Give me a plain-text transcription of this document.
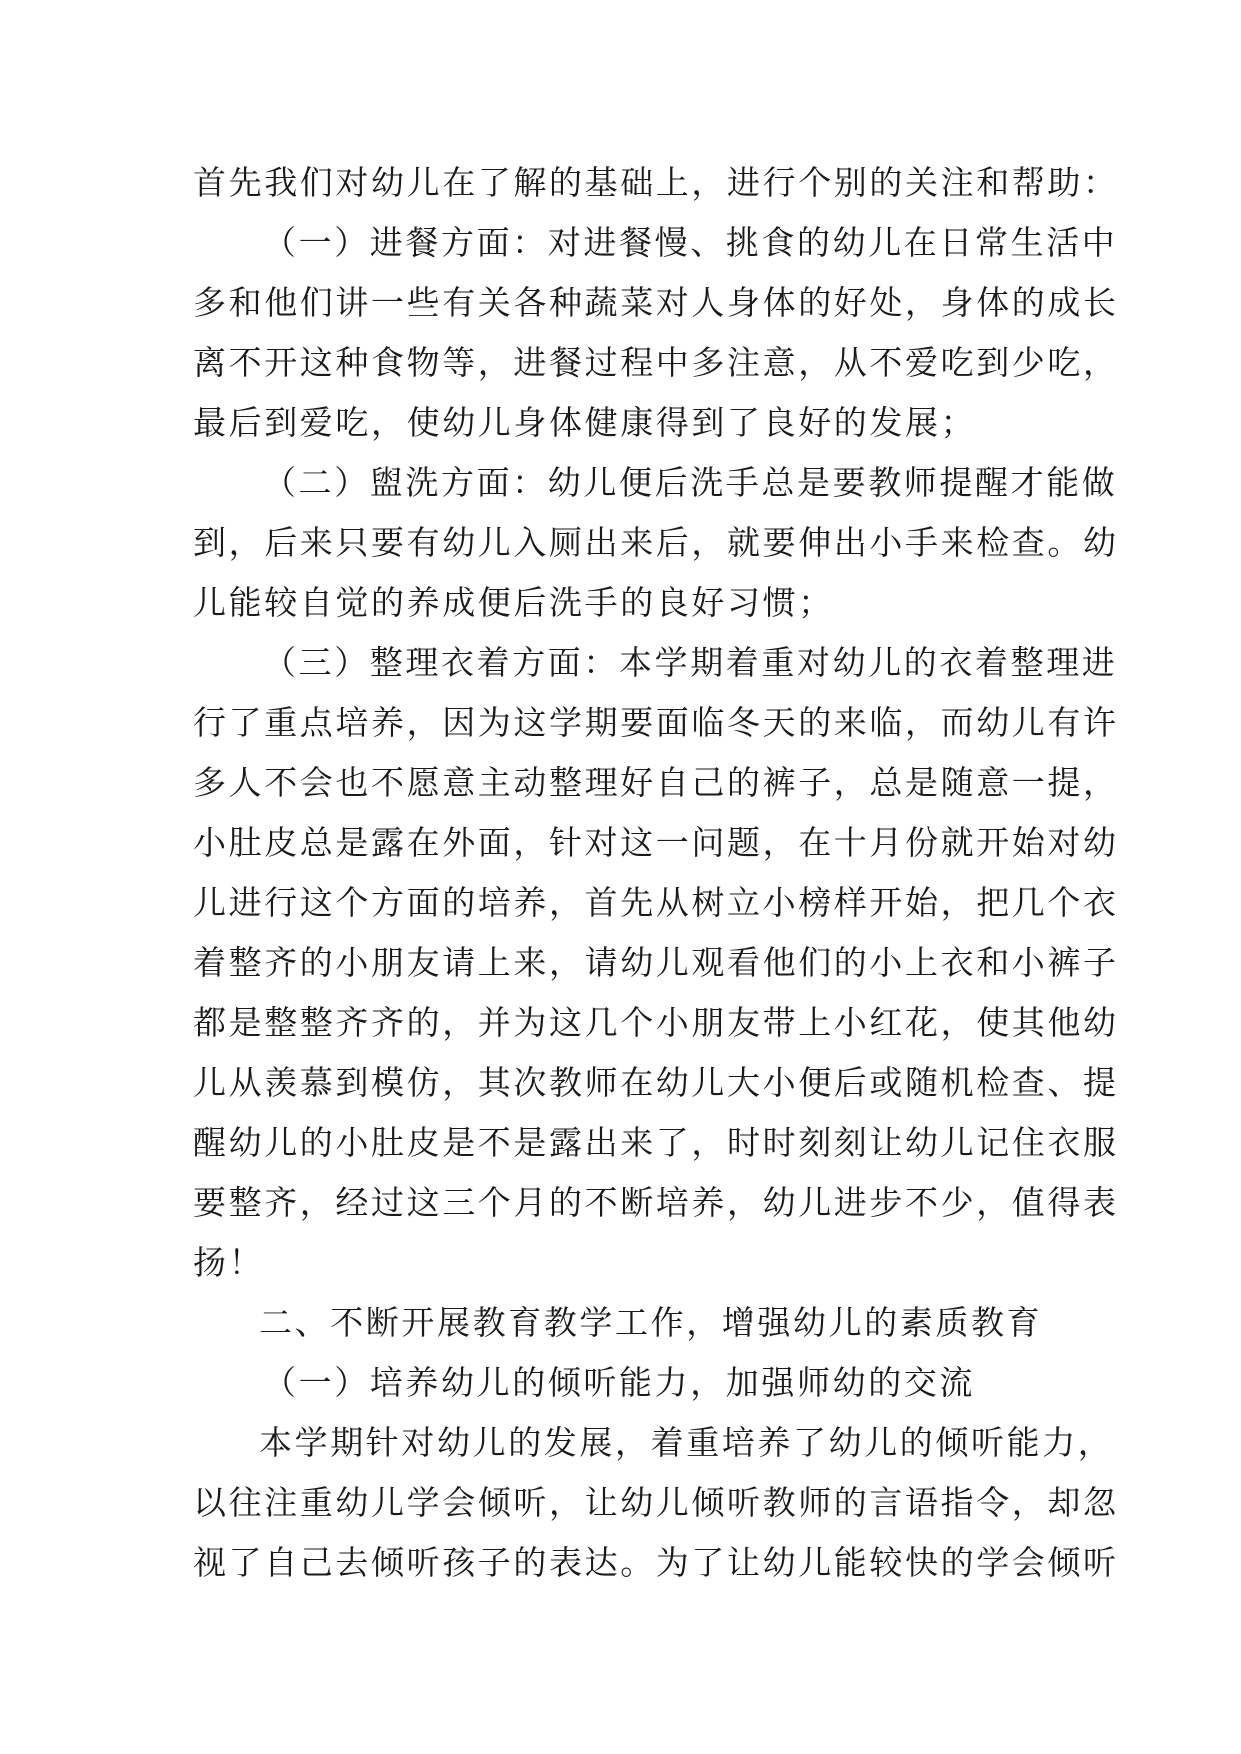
首先我们对幼儿在了解的基础上，进行个别的关注和帮助：
（一）进餐方面：对进餐慢、挑食的幼儿在日常生活中
多和他们讲一些有关各种蔬菜对人身体的好处，身体的成长
离不开这种食物等，进餐过程中多注意，从不爱吃到少吃，
最后到爱吃，使幼儿身体健康得到了良好的发展；
（二）盥洗方面：幼儿便后洗手总是要教师提醒才能做
到，后来只要有幼儿入厕出来后，就要伸出小手来检查。幼
儿能较自觉的养成便后洗手的良好习惯；
（三）整理衣着方面：本学期着重对幼儿的衣着整理进
行了重点培养，因为这学期要面临冬天的来临，而幼儿有许
多人不会也不愿意主动整理好自己的裤子，总是随意一提，
小肚皮总是露在外面，针对这一问题，在十月份就开始对幼
儿进行这个方面的培养，首先从树立小榜样开始，把几个衣
着整齐的小朋友请上来，请幼儿观看他们的小上衣和小裤子
都是整整齐齐的，并为这几个小朋友带上小红花，使其他幼
儿从羡慕到模仿，其次教师在幼儿大小便后或随机检查、提
醒幼儿的小肚皮是不是露出来了，时时刻刻让幼儿记住衣服
要整齐，经过这三个月的不断培养，幼儿进步不少，值得表
扬！
二、不断开展教育教学工作，增强幼儿的素质教育
（一）培养幼儿的倾听能力，加强师幼的交流
本学期针对幼儿的发展，着重培养了幼儿的倾听能力，
以往注重幼儿学会倾听，让幼儿倾听教师的言语指令，却忽
视了自己去倾听孩子的表达。为了让幼儿能较快的学会倾听
